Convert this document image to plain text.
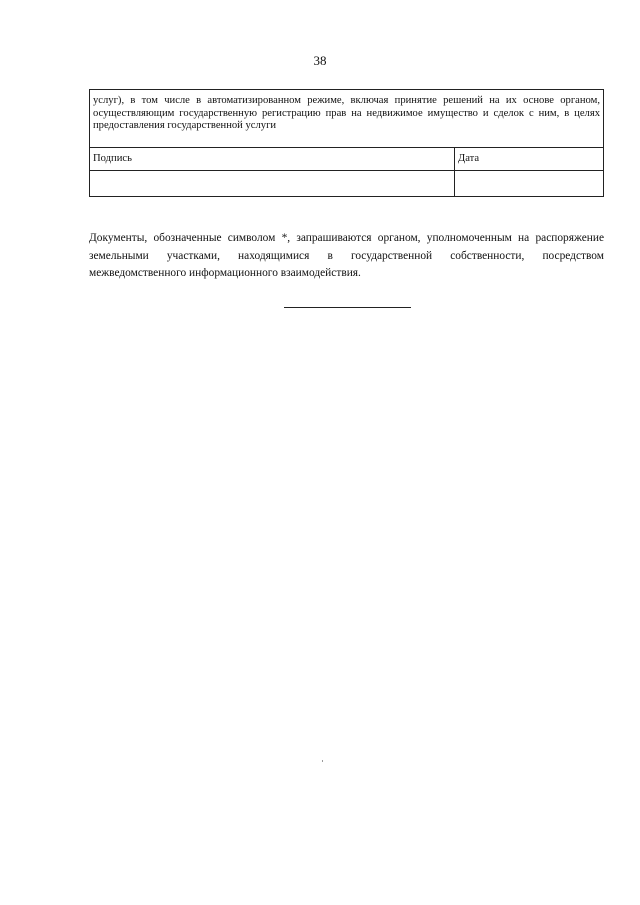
38
услуг), в том числе в автоматизированном режиме, включая принятие решений на их основе органом, осуществляющим государственную регистрацию прав на недвижимое имущество и сделок с ним, в целях предоставления государственной услуги	
Подпись	Дата

Документы, обозначенные символом *, запрашиваются органом, уполномоченным на распоряжение земельными участками, находящимися в государственной собственности, посредством межведомственного информационного взаимодействия.
